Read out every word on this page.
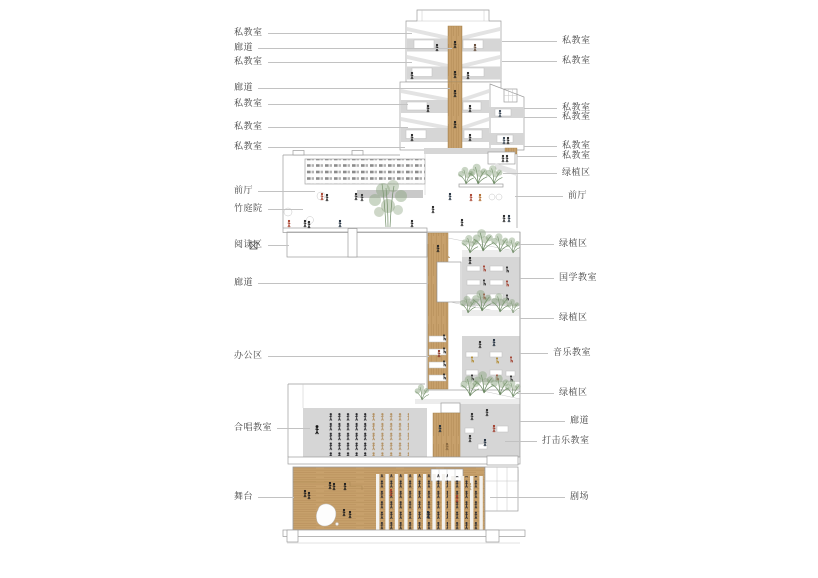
私教室
廊道
私教室
廊道
私教室
私教室
私教室
前厅
竹庭院
阅读区
廊道
办公区
合唱教室
舞台
私教室
私教室
私教室
私教室
私教室
私教室
绿植区
前厅
绿植区
国学教室
绿植区
音乐教室
绿植区
廊道
打击乐教室
剧场
